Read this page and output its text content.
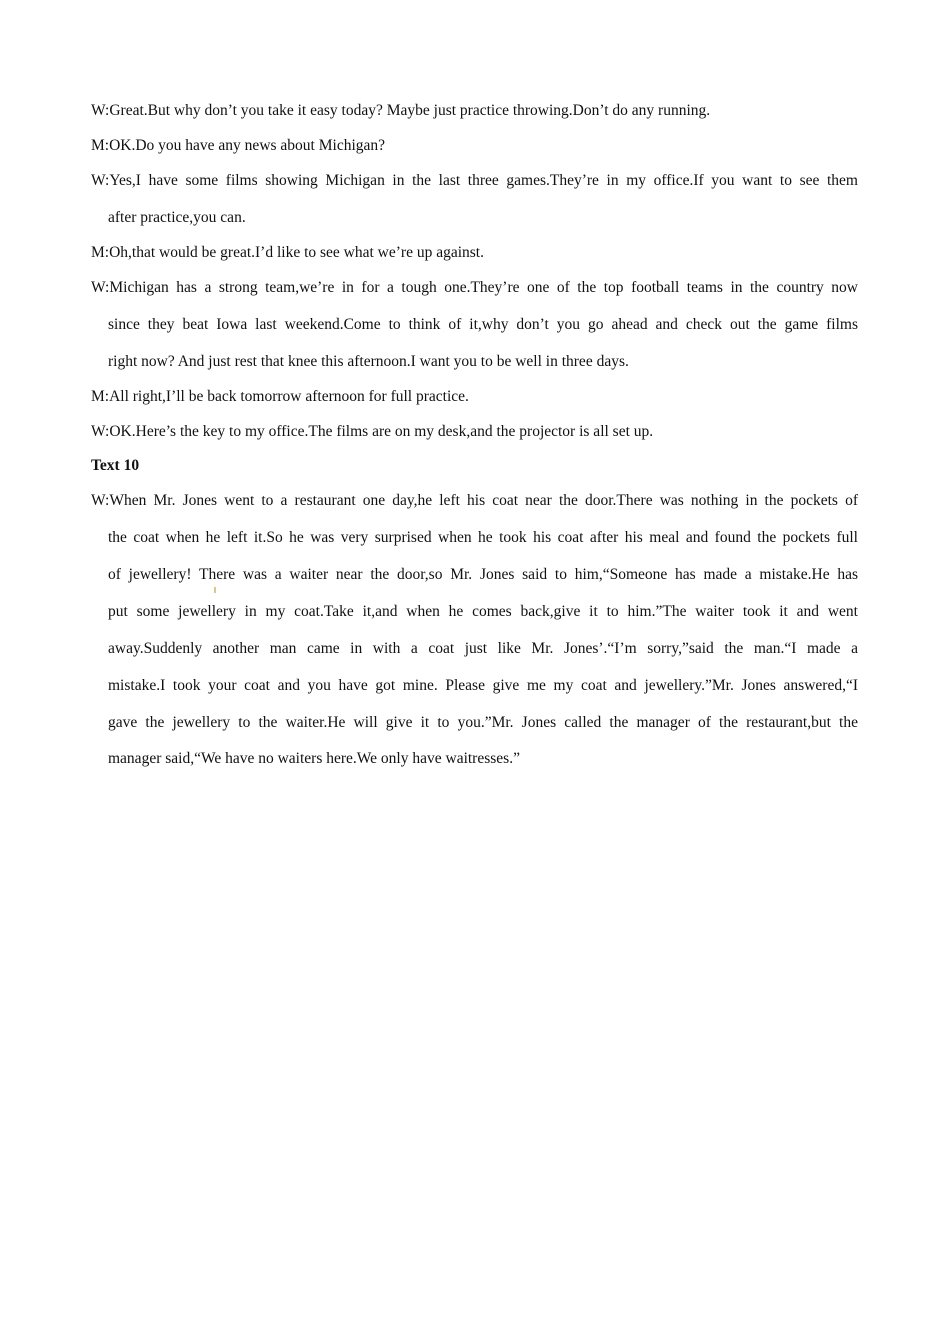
W:Great.But why don’t you take it easy today? Maybe just practice throwing.Don’t do any running.
M:OK.Do you have any news about Michigan?
W:Yes,I have some films showing Michigan in the last three games.They’re in my office.If you want to see them
after practice,you can.
M:Oh,that would be great.I’d like to see what we’re up against.
W:Michigan has a strong team,we’re in for a tough one.They’re one of the top football teams in the country now
since they beat Iowa last weekend.Come to think of it,why don’t you go ahead and check out the game films
right now? And just rest that knee this afternoon.I want you to be well in three days.
M:All right,I’ll be back tomorrow afternoon for full practice.
W:OK.Here’s the key to my office.The films are on my desk,and the projector is all set up.
Text 10
W:When Mr. Jones went to a restaurant one day,he left his coat near the door.There was nothing in the pockets of
the coat when he left it.So he was very surprised when he took his coat after his meal and found the pockets full
of jewellery! There was a waiter near the door,so Mr. Jones said to him,“Someone has made a mistake.He has
put some jewellery in my coat.Take it,and when he comes back,give it to him.”The waiter took it and went
away.Suddenly another man came in with a coat just like Mr. Jones’.“I’m sorry,”said the man.“I made a
mistake.I took your coat and you have got mine. Please give me my coat and jewellery.”Mr. Jones answered,“I
gave the jewellery to the waiter.He will give it to you.”Mr. Jones called the manager of the restaurant,but the
manager said,“We have no waiters here.We only have waitresses.”
